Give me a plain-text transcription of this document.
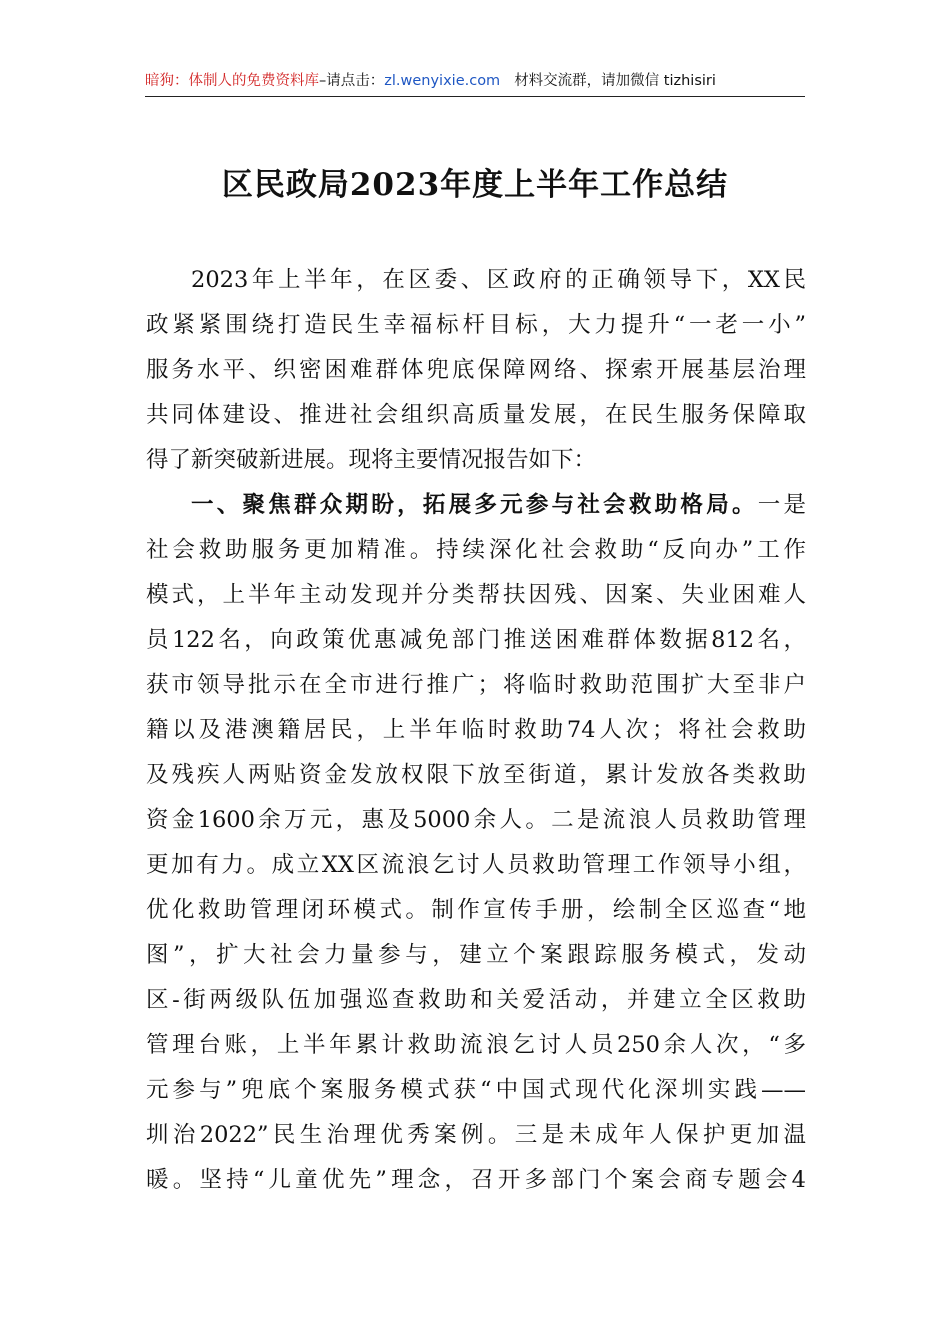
暗狗：体制人的免费资料库–请点击：zl.wenyixie.com 材料交流群，请加微信 tizhisiri
区民政局2023年度上半年工作总结
2023年上半年，在区委、区政府的正确领导下，XX民
政紧紧围绕打造民生幸福标杆目标，大力提升“一老一小”
服务水平、织密困难群体兜底保障网络、探索开展基层治理
共同体建设、推进社会组织高质量发展，在民生服务保障取
得了新突破新进展。现将主要情况报告如下：
一、聚焦群众期盼，拓展多元参与社会救助格局。一是
社会救助服务更加精准。持续深化社会救助“反向办”工作
模式，上半年主动发现并分类帮扶因残、因案、失业困难人
员122名，向政策优惠减免部门推送困难群体数据812名，
获市领导批示在全市进行推广；将临时救助范围扩大至非户
籍以及港澳籍居民，上半年临时救助74人次；将社会救助
及残疾人两贴资金发放权限下放至街道，累计发放各类救助
资金1600余万元，惠及5000余人。二是流浪人员救助管理
更加有力。成立XX区流浪乞讨人员救助管理工作领导小组，
优化救助管理闭环模式。制作宣传手册，绘制全区巡查“地
图”，扩大社会力量参与，建立个案跟踪服务模式，发动
区-街两级队伍加强巡查救助和关爱活动，并建立全区救助
管理台账，上半年累计救助流浪乞讨人员250余人次，“多
元参与”兜底个案服务模式获“中国式现代化深圳实践——
圳治2022”民生治理优秀案例。三是未成年人保护更加温
暖。坚持“儿童优先”理念，召开多部门个案会商专题会4
